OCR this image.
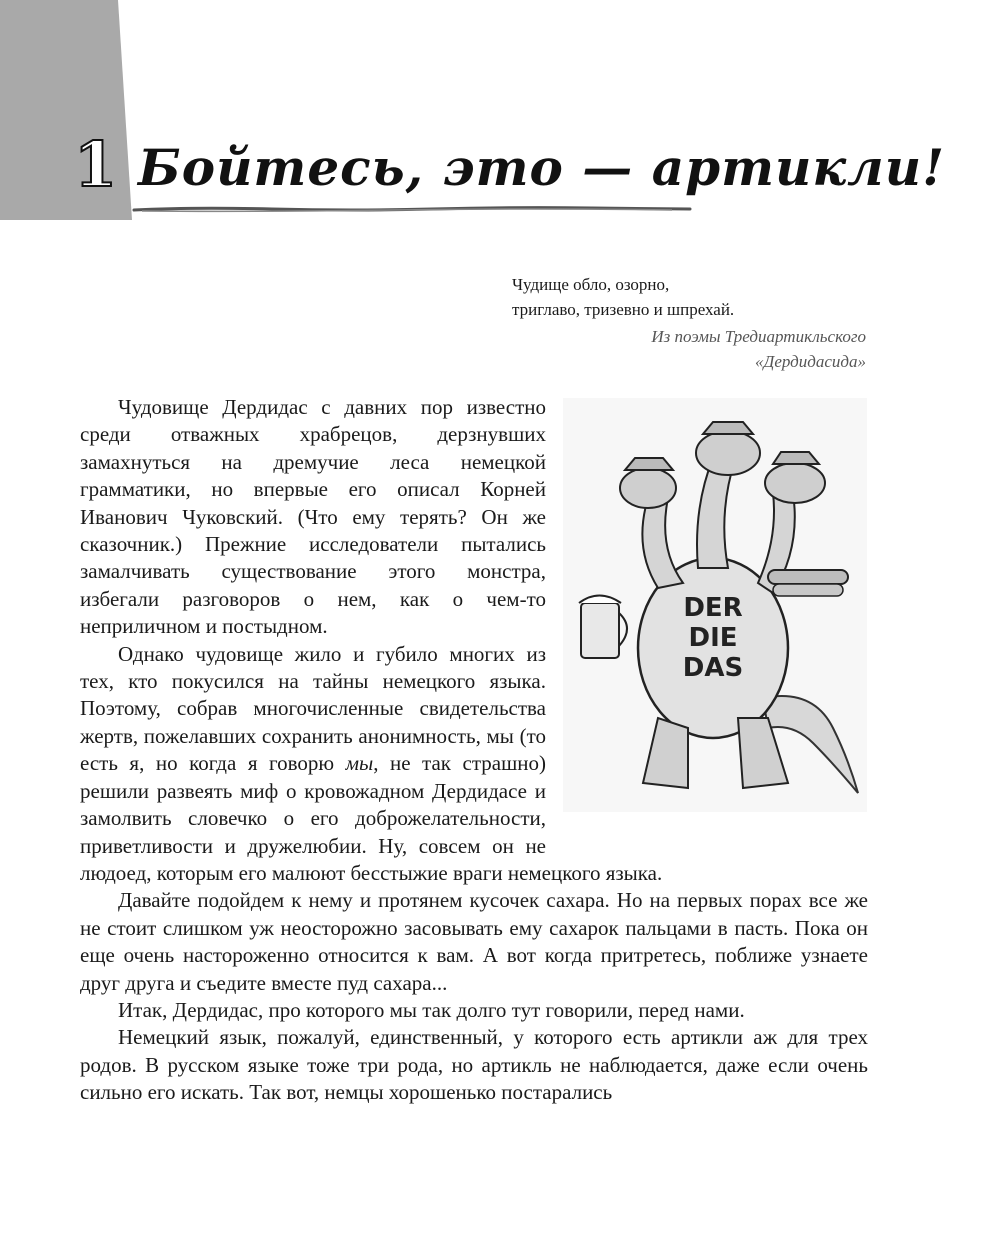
1 Бойтесь, это — артикли!
Чудище обло, озорно,
триглаво, тризевно и шпрехай.
Из поэмы Тредиартикльского
«Дердидасида»
DER
DIE
DAS

Чудовище Дердидас с давних пор известно среди отважных храбрецов, дерзнувших замахнуться на дремучие леса немецкой грамматики, но впервые его описал Корней Иванович Чуковский. (Что ему терять? Он же сказочник.) Прежние исследователи пытались замалчивать существование этого монстра, избегали разговоров о нем, как о чем-то неприличном и постыдном.

Однако чудовище жило и губило многих из тех, кто покусился на тайны немецкого языка. Поэтому, собрав многочисленные свидетельства жертв, пожелавших сохранить анонимность, мы (то есть я, но когда я говорю мы, не так страшно) решили развеять миф о кровожадном Дердидасе и замолвить словечко о его доброжелательности, приветливости и дружелюбии. Ну, совсем он не людоед, которым его малюют бесстыжие враги немецкого языка.

Давайте подойдем к нему и протянем кусочек сахара. Но на первых порах все же не стоит слишком уж неосторожно засовывать ему сахарок пальцами в пасть. Пока он еще очень настороженно относится к вам. А вот когда притретесь, поближе узнаете друг друга и съедите вместе пуд сахара...

Итак, Дердидас, про которого мы так долго тут говорили, перед нами.

Немецкий язык, пожалуй, единственный, у которого есть артикли аж для трех родов. В русском языке тоже три рода, но артикль не наблюдается, даже если очень сильно его искать. Так вот, немцы хорошенько постарались
